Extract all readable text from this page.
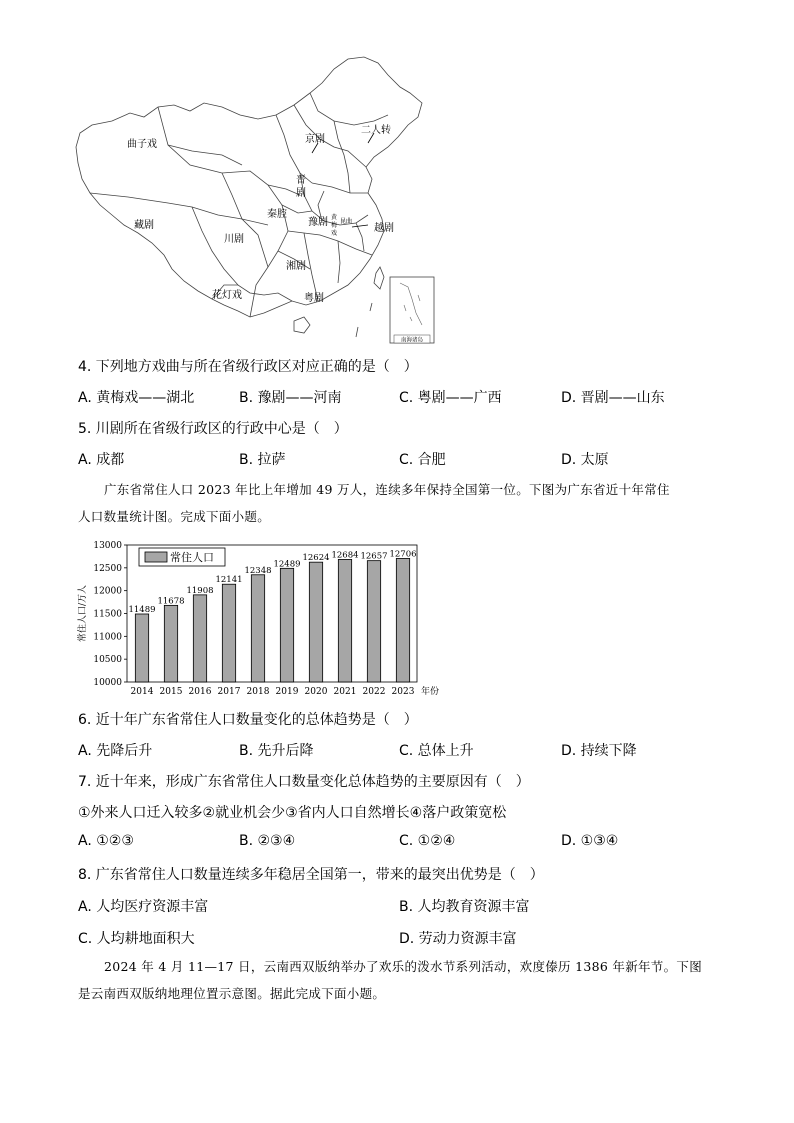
南海诸岛
曲子戏
藏剧
川剧
花灯戏
京剧
二人转
晋
剧
秦腔
豫剧 黄
梅
戏
昆曲
越剧
湘剧
粤剧
4. 下列地方戏曲与所在省级行政区对应正确的是（　）
A. 黄梅戏——湖北	B. 豫剧——河南	C. 粤剧——广西	D. 晋剧——山东
5. 川剧所在省级行政区的行政中心是（　）
A. 成都	B. 拉萨	C. 合肥	D. 太原
广东省常住人口 2023 年比上年增加 49 万人，连续多年保持全国第一位。下图为广东省近十年常住
人口数量统计图。完成下面小题。
10000
10500
11000
11500
12000
12500
13000
常住人口/万人	11489
2014
11678
2015
11908
2016
12141
2017
12348
2018
12489
2019
12624
2020
12684
2021
12657
2022
12706
2023 年份
常住人口
6. 近十年广东省常住人口数量变化的总体趋势是（　）
A. 先降后升	B. 先升后降	C. 总体上升	D. 持续下降
7. 近十年来，形成广东省常住人口数量变化总体趋势的主要原因有（　）
①外来人口迁入较多②就业机会少③省内人口自然增长④落户政策宽松
A. ①②③	B. ②③④	C. ①②④	D. ①③④
8. 广东省常住人口数量连续多年稳居全国第一，带来的最突出优势是（　）
A. 人均医疗资源丰富	B. 人均教育资源丰富
C. 人均耕地面积大	D. 劳动力资源丰富
2024 年 4 月 11—17 日，云南西双版纳举办了欢乐的泼水节系列活动，欢度傣历 1386 年新年节。下图
是云南西双版纳地理位置示意图。据此完成下面小题。
